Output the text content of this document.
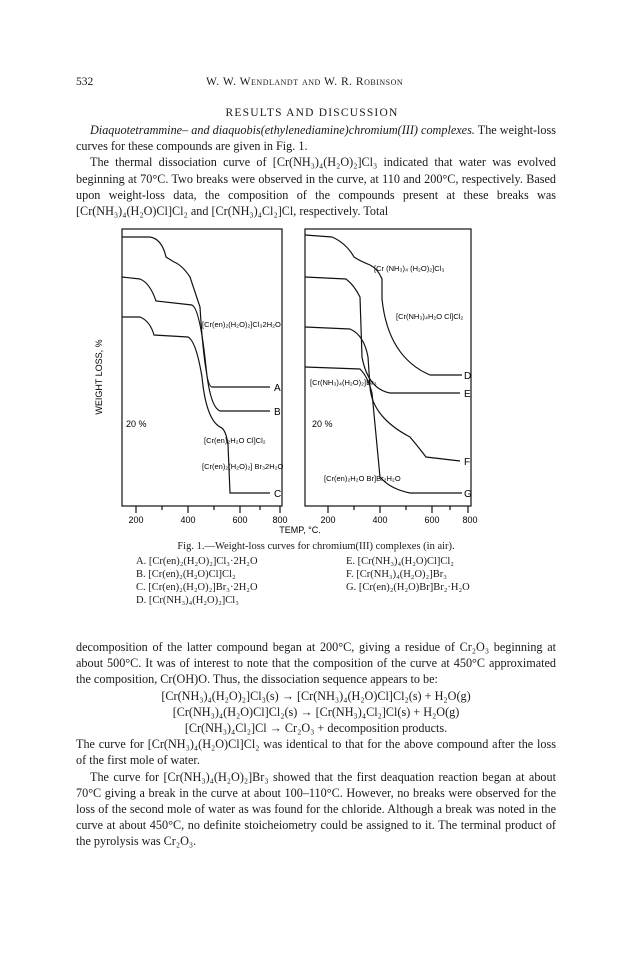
532	W. W. Wendlandt and W. R. Robinson
RESULTS AND DISCUSSION

Diaquotetrammine– and diaquobis(ethylenediamine)chromium(III) complexes. The weight-loss curves for these compounds are given in Fig. 1.

The thermal dissociation curve of [Cr(NH₃)₄(H₂O)₂]Cl₃ indicated that water was evolved beginning at 70°C. Two breaks were observed in the curve, at 110 and 200°C, respectively. Based upon weight-loss data, the composition of the compounds present at these breaks was [Cr(NH₃)₄(H₂O)Cl]Cl₂ and [Cr(NH₃)₄Cl₂]Cl, respectively. Total

WEIGHT LOSS, %
TEMP, °C.
200	400	600	800	200	400	600	800
20 %	20 %
A
B
C
[Cr(en)₂(H₂O)₂]Cl₃2H₂O
[Cr(en)₂H₂O Cl]Cl₂
[Cr(en)₂(H₂O)₂] Br₃2H₂O
D
E
F
G
[Cr (NH₃)₄ (H₂O)₂]Cl₃
[Cr(NH₃)₄H₂O Cl]Cl₂
[Cr(NH₃)₄(H₂O)₂]Br₃
[Cr(en)₂H₂O Br]Br₂H₂O
Fig. 1.—Weight-loss curves for chromium(III) complexes (in air).
A. [Cr(en)₂(H₂O)₂]Cl₃·2H₂O	E. [Cr(NH₃)₄(H₂O)Cl]Cl₂
B. [Cr(en)₂(H₂O)Cl]Cl₂	F. [Cr(NH₃)₄(H₂O)₂]Br₃
C. [Cr(en)₂(H₂O)₂]Br₃·2H₂O	G. [Cr(en)₂(H₂O)Br]Br₂·H₂O
D. [Cr(NH₃)₄(H₂O)₂]Cl₃

decomposition of the latter compound began at 200°C, giving a residue of Cr₂O₃ beginning at about 500°C. It was of interest to note that the composition of the curve at 450°C approximated the composition, Cr(OH)O. Thus, the dissociation sequence appears to be:

[Cr(NH₃)₄(H₂O)₂]Cl₃(s) → [Cr(NH₃)₄(H₂O)Cl]Cl₂(s) + H₂O(g)

[Cr(NH₃)₄(H₂O)Cl]Cl₂(s) → [Cr(NH₃)₄Cl₂]Cl(s) + H₂O(g)

[Cr(NH₃)₄Cl₂]Cl → Cr₂O₃ + decomposition products.

The curve for [Cr(NH₃)₄(H₂O)Cl]Cl₂ was identical to that for the above compound after the loss of the first mole of water.

The curve for [Cr(NH₃)₄(H₂O)₂]Br₃ showed that the first deaquation reaction began at about 70°C giving a break in the curve at about 100–110°C. However, no breaks were observed for the loss of the second mole of water as was found for the chloride. Although a break was noted in the curve at about 450°C, no definite stoicheiometry could be assigned to it. The terminal product of the pyrolysis was Cr₂O₃.
